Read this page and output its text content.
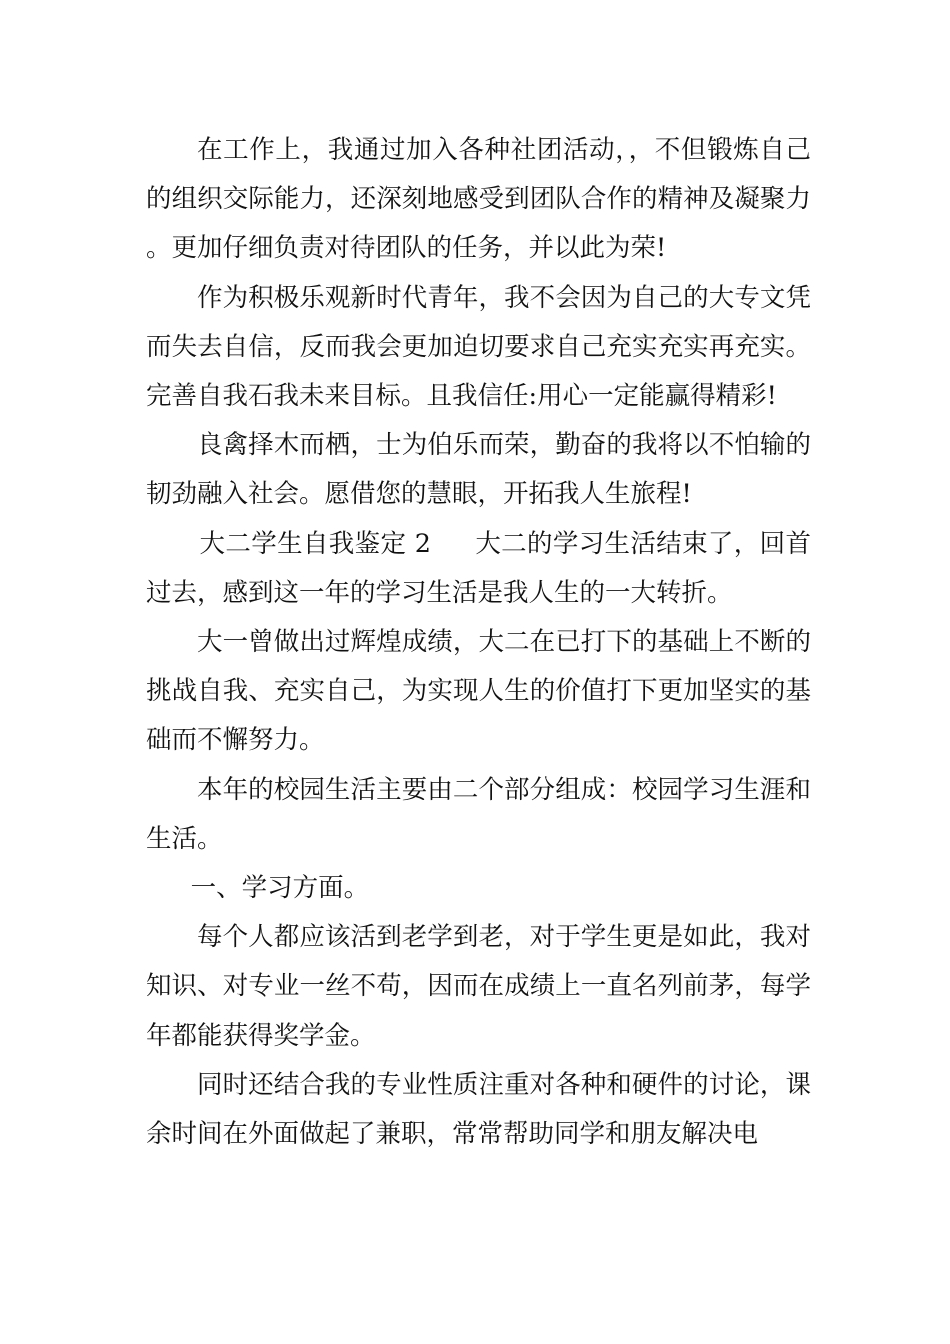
在工作上，我通过加入各种社团活动，，不但锻炼自己的组织交际能力，还深刻地感受到团队合作的精神及凝聚力。更加仔细负责对待团队的任务，并以此为荣!

作为积极乐观新时代青年，我不会因为自己的大专文凭而失去自信，反而我会更加迫切要求自己充实充实再充实。完善自我石我未来目标。且我信任:用心一定能赢得精彩!

良禽择木而栖，士为伯乐而荣，勤奋的我将以不怕输的韧劲融入社会。愿借您的慧眼，开拓我人生旅程!

大二学生自我鉴定 2 大二的学习生活结束了，回首过去，感到这一年的学习生活是我人生的一大转折。

大一曾做出过辉煌成绩，大二在已打下的基础上不断的挑战自我、充实自己，为实现人生的价值打下更加坚实的基础而不懈努力。

本年的校园生活主要由二个部分组成：校园学习生涯和生活。

一、学习方面。

每个人都应该活到老学到老，对于学生更是如此，我对知识、对专业一丝不苟，因而在成绩上一直名列前茅，每学年都能获得奖学金。

同时还结合我的专业性质注重对各种和硬件的讨论，课余时间在外面做起了兼职，常常帮助同学和朋友解决电
